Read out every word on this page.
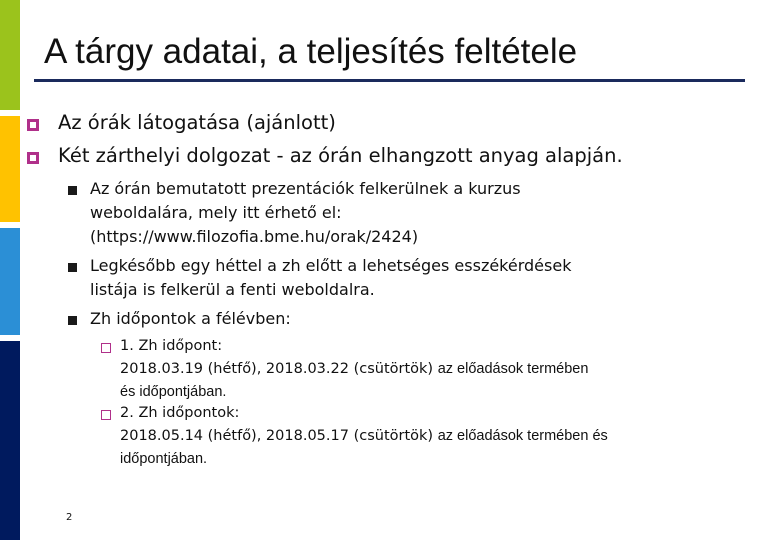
A tárgy adatai, a teljesítés feltétele
Az órák látogatása (ajánlott)
Két zárthelyi dolgozat - az órán elhangzott anyag alapján.
Az órán bemutatott prezentációk felkerülnek a kurzus
weboldalára, mely itt érhető el:
(https://www.filozofia.bme.hu/orak/2424)
Legkésőbb egy héttel a zh előtt a lehetséges esszékérdések
listája is felkerül a fenti weboldalra.
Zh időpontok a félévben:
1. Zh időpont:
2018.03.19 (hétfő), 2018.03.22 (csütörtök) az előadások termében
és időpontjában.
2. Zh időpontok:
2018.05.14 (hétfő), 2018.05.17 (csütörtök) az előadások termében és
időpontjában.
2
